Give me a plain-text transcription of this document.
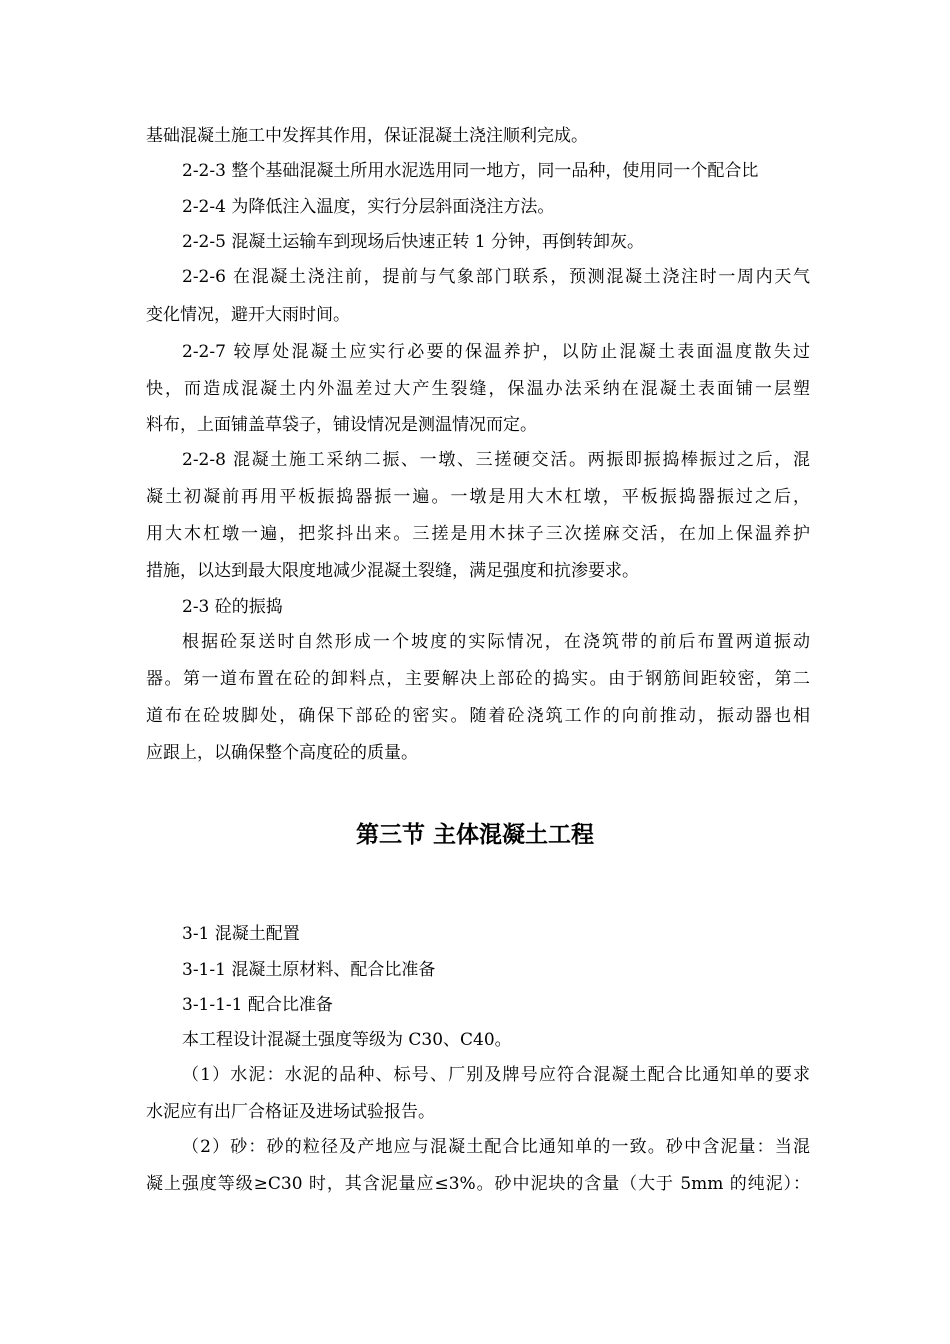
基础混凝土施工中发挥其作用，保证混凝土浇注顺利完成。
2-2-3 整个基础混凝土所用水泥选用同一地方，同一品种，使用同一个配合比
2-2-4 为降低注入温度，实行分层斜面浇注方法。
2-2-5 混凝土运输车到现场后快速正转 1 分钟，再倒转卸灰。
2-2-6 在混凝土浇注前，提前与气象部门联系，预测混凝土浇注时一周内天气
变化情况，避开大雨时间。
2-2-7 较厚处混凝土应实行必要的保温养护，以防止混凝土表面温度散失过
快，而造成混凝土内外温差过大产生裂缝，保温办法采纳在混凝土表面铺一层塑
料布，上面铺盖草袋子，铺设情况是测温情况而定。
2-2-8 混凝土施工采纳二振、一墩、三搓硬交活。两振即振捣棒振过之后，混
凝土初凝前再用平板振捣器振一遍。一墩是用大木杠墩，平板振捣器振过之后，
用大木杠墩一遍，把浆抖出来。三搓是用木抹子三次搓麻交活，在加上保温养护
措施，以达到最大限度地减少混凝土裂缝，满足强度和抗渗要求。
2-3 砼的振捣
根据砼泵送时自然形成一个坡度的实际情况，在浇筑带的前后布置两道振动
器。第一道布置在砼的卸料点，主要解决上部砼的捣实。由于钢筋间距较密，第二
道布在砼坡脚处，确保下部砼的密实。随着砼浇筑工作的向前推动，振动器也相
应跟上，以确保整个高度砼的质量。
第三节 主体混凝土工程
3-1 混凝土配置
3-1-1 混凝土原材料、配合比准备
3-1-1-1 配合比准备
本工程设计混凝土强度等级为 C30、C40。
（1）水泥：水泥的品种、标号、厂别及牌号应符合混凝土配合比通知单的要求
水泥应有出厂合格证及进场试验报告。
（2）砂：砂的粒径及产地应与混凝土配合比通知单的一致。砂中含泥量：当混
凝上强度等级≥C30 时，其含泥量应≤3%。砂中泥块的含量（大于 5mm 的纯泥）：
